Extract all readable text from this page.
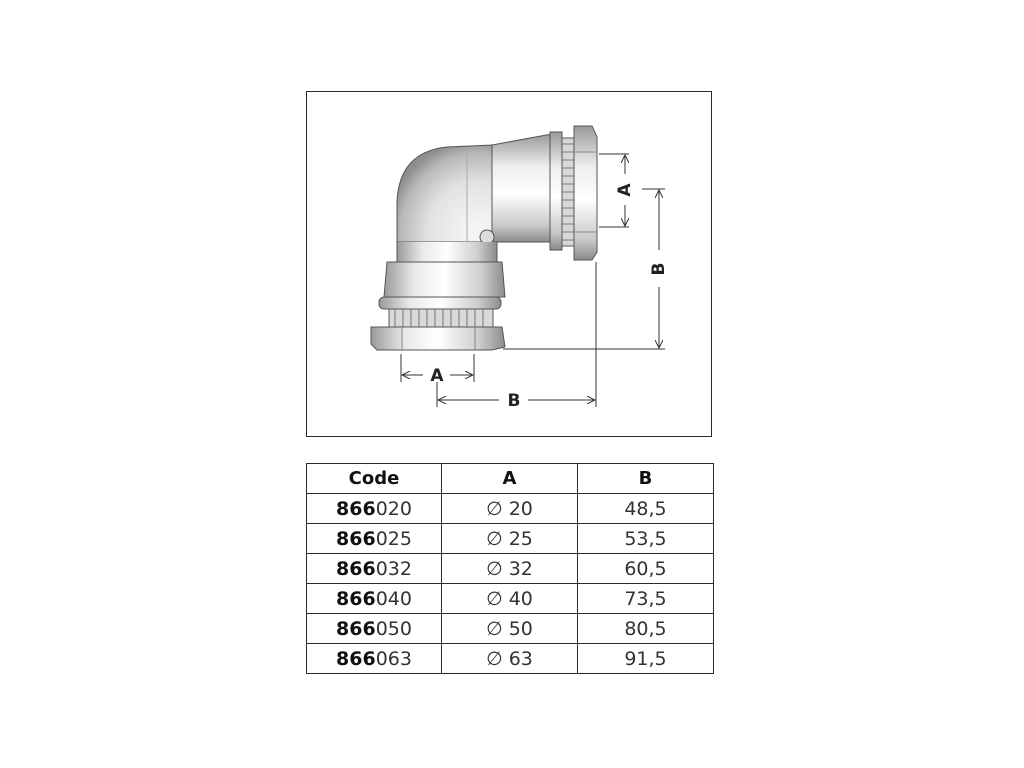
A
B
A
B
Code	A	B
866020	∅ 20	48,5
866025	∅ 25	53,5
866032	∅ 32	60,5
866040	∅ 40	73,5
866050	∅ 50	80,5
866063	∅ 63	91,5
